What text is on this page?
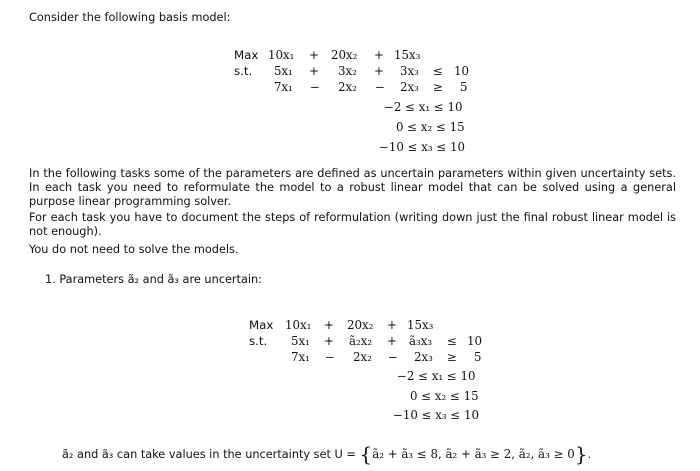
Consider the following basis model:
Max
s.t.
10x₁ + 20x₂ + 15x₃
5x₁ + 3x₂ + 3x₃ ≤ 10
7x₁ − 2x₂ − 2x₃ ≥ 5
−2 ≤ x₁ ≤ 10
0 ≤ x₂ ≤ 15
−10 ≤ x₃ ≤ 10
In the following tasks some of the parameters are defined as uncertain parameters within given uncertainty sets. In each task you need to reformulate the model to a robust linear model that can be solved using a general purpose linear programming solver.
For each task you have to document the steps of reformulation (writing down just the final robust linear model is not enough).
You do not need to solve the models.
1. Parameters ã₂ and ã₃ are uncertain:
Max
s.t.
10x₁ + 20x₂ + 15x₃
5x₁ + ã₂x₂ + ã₃x₃ ≤ 10
7x₁ − 2x₂ − 2x₃ ≥ 5
−2 ≤ x₁ ≤ 10
0 ≤ x₂ ≤ 15
−10 ≤ x₃ ≤ 10
ã₂ and ã₃ can take values in the uncertainty set U = {ã₂ + ã₃ ≤ 8, ã₂ + ã₃ ≥ 2, ã₂, ã₃ ≥ 0}.
